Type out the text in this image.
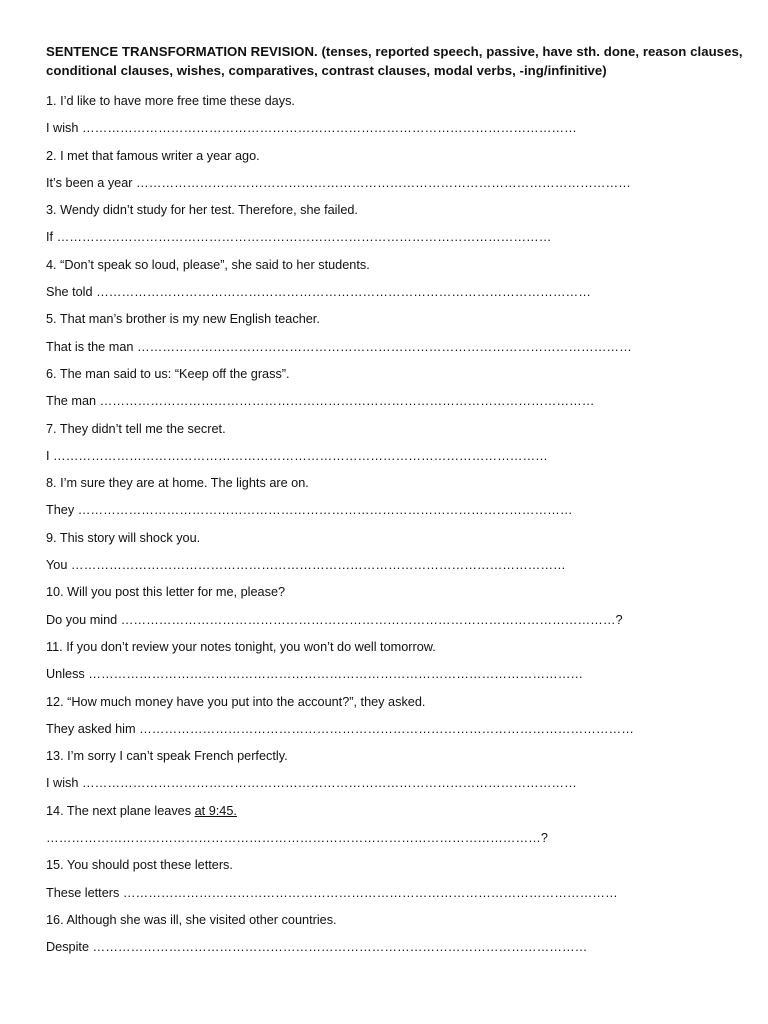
SENTENCE TRANSFORMATION REVISION. (tenses, reported speech, passive, have sth. done, reason clauses,
conditional clauses, wishes, comparatives, contrast clauses, modal verbs, -ing/infinitive)
1. I’d like to have more free time these days.
I wish ………………………………………………………………………………………………………
2. I met that famous writer a year ago.
It’s been a year ………………………………………………………………………………………………………
3. Wendy didn’t study for her test. Therefore, she failed.
If ………………………………………………………………………………………………………
4. “Don’t speak so loud, please”, she said to her students.
She told ………………………………………………………………………………………………………
5. That man’s brother is my new English teacher.
That is the man ………………………………………………………………………………………………………
6. The man said to us: “Keep off the grass”.
The man ………………………………………………………………………………………………………
7. They didn’t tell me the secret.
I ………………………………………………………………………………………………………
8. I’m sure they are at home. The lights are on.
They ………………………………………………………………………………………………………
9. This story will shock you.
You ………………………………………………………………………………………………………
10. Will you post this letter for me, please?
Do you mind ………………………………………………………………………………………………………?
11. If you don’t review your notes tonight, you won’t do well tomorrow.
Unless ………………………………………………………………………………………………………
12. “How much money have you put into the account?”, they asked.
They asked him ………………………………………………………………………………………………………
13. I’m sorry I can’t speak French perfectly.
I wish ………………………………………………………………………………………………………
14. The next plane leaves at 9:45.
………………………………………………………………………………………………………?
15. You should post these letters.
These letters ………………………………………………………………………………………………………
16. Although she was ill, she visited other countries.
Despite ………………………………………………………………………………………………………
